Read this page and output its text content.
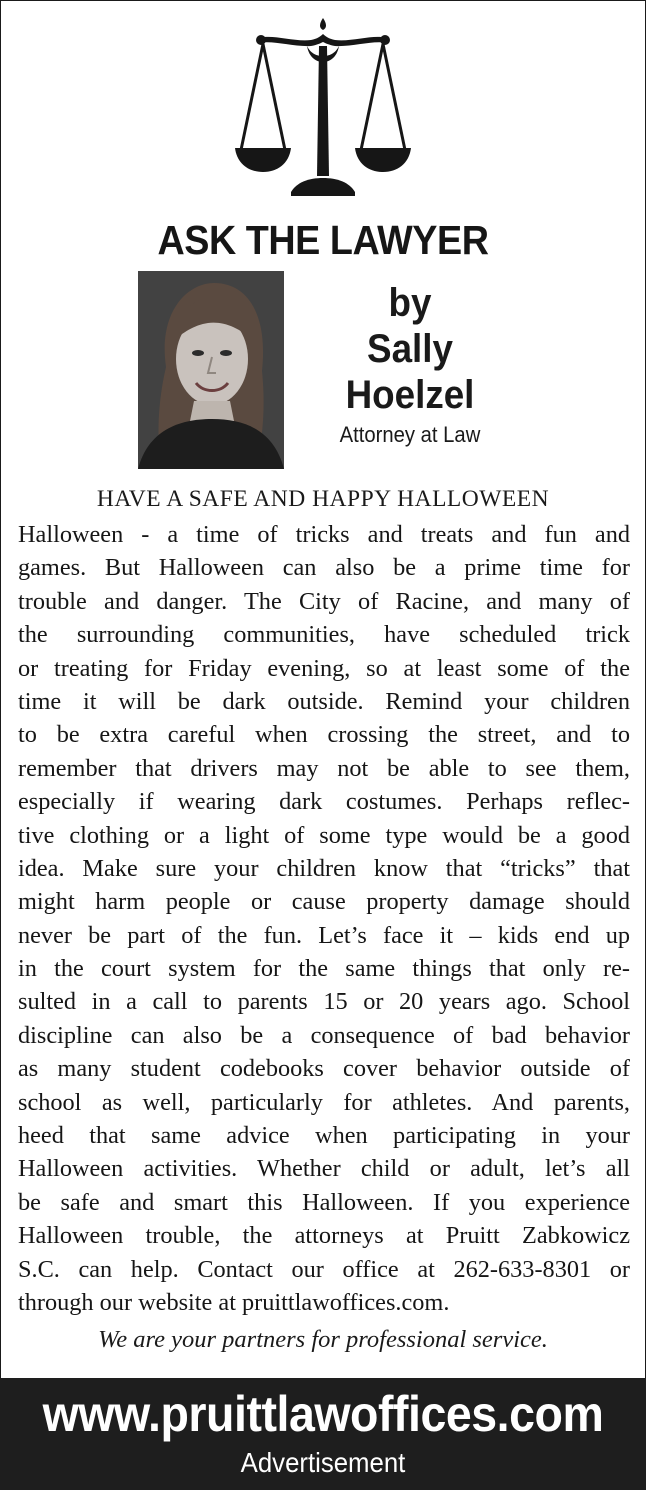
ASK THE LAWYER
by
Sally
Hoelzel
Attorney at Law
HAVE A SAFE AND HAPPY HALLOWEEN
Halloween - a time of tricks and treats and fun and
games. But Halloween can also be a prime time for
trouble and danger. The City of Racine, and many of
the surrounding communities, have scheduled trick
or treating for Friday evening, so at least some of the
time it will be dark outside. Remind your children
to be extra careful when crossing the street, and to
remember that drivers may not be able to see them,
especially if wearing dark costumes. Perhaps reflec-
tive clothing or a light of some type would be a good
idea. Make sure your children know that “tricks” that
might harm people or cause property damage should
never be part of the fun. Let’s face it – kids end up
in the court system for the same things that only re-
sulted in a call to parents 15 or 20 years ago. School
discipline can also be a consequence of bad behavior
as many student codebooks cover behavior outside of
school as well, particularly for athletes. And parents,
heed that same advice when participating in your
Halloween activities. Whether child or adult, let’s all
be safe and smart this Halloween. If you experience
Halloween trouble, the attorneys at Pruitt Zabkowicz
S.C. can help. Contact our office at 262-633-8301 or
through our website at pruittlawoffices.com.
We are your partners for professional service.
www.pruittlawoffices.com
Advertisement
